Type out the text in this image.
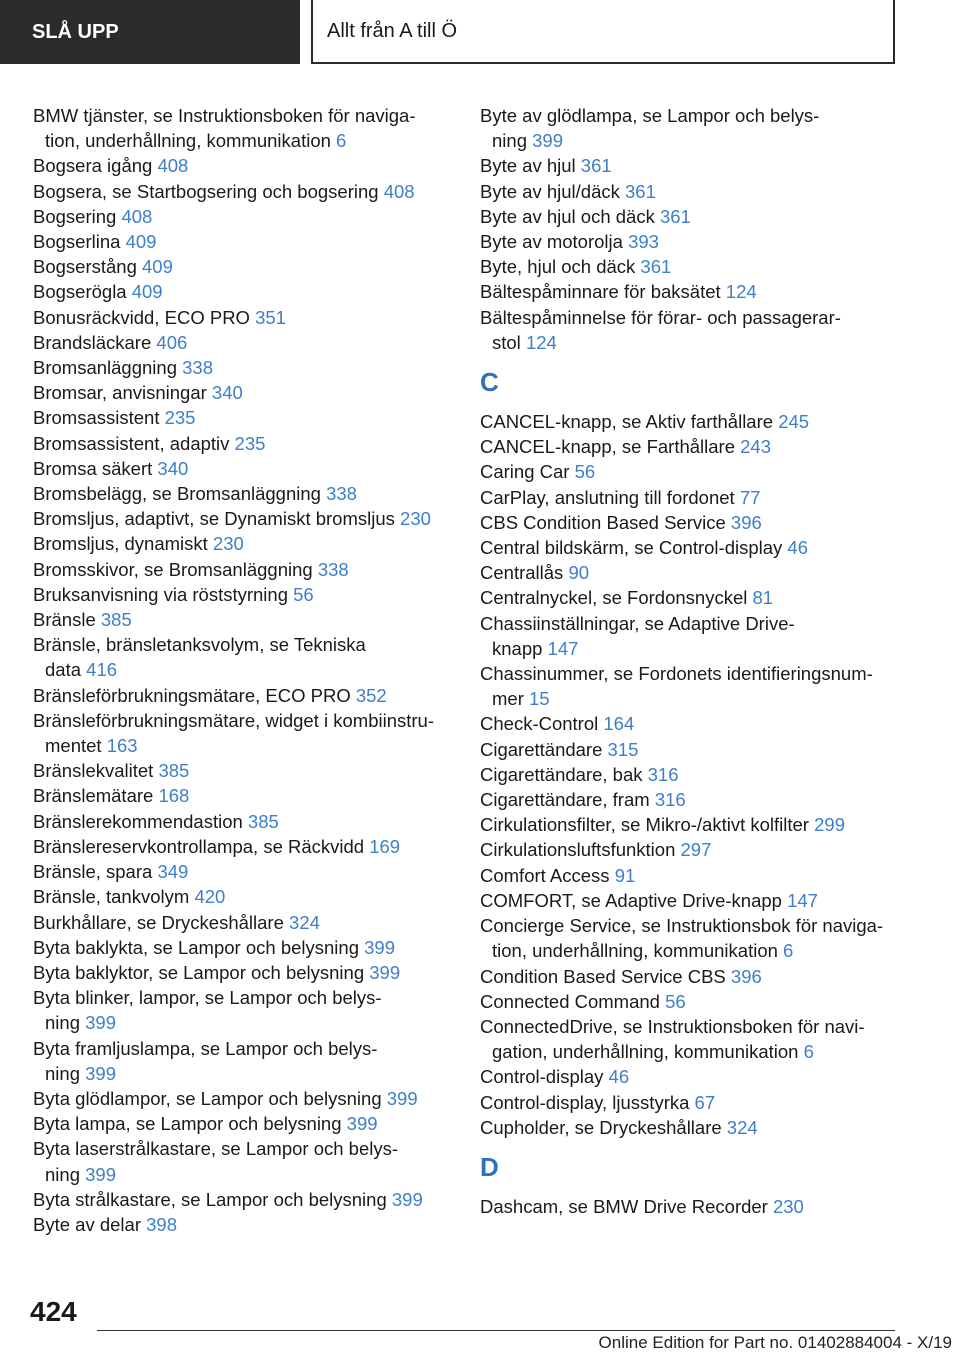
SLÅ UPP	Allt från A till Ö
BMW tjänster, se Instruktionsboken för naviga-
tion, underhållning, kommunikation 6
Bogsera igång 408
Bogsera, se Startbogsering och bogsering 408
Bogsering 408
Bogserlina 409
Bogserstång 409
Bogserögla 409
Bonusräckvidd, ECO PRO 351
Brandsläckare 406
Bromsanläggning 338
Bromsar, anvisningar 340
Bromsassistent 235
Bromsassistent, adaptiv 235
Bromsa säkert 340
Bromsbelägg, se Bromsanläggning 338
Bromsljus, adaptivt, se Dynamiskt bromsljus 230
Bromsljus, dynamiskt 230
Bromsskivor, se Bromsanläggning 338
Bruksanvisning via röststyrning 56
Bränsle 385
Bränsle, bränsletanksvolym, se Tekniska
data 416
Bränsleförbrukningsmätare, ECO PRO 352
Bränsleförbrukningsmätare, widget i kombiinstru-
mentet 163
Bränslekvalitet 385
Bränslemätare 168
Bränslerekommendastion 385
Bränslereservkontrollampa, se Räckvidd 169
Bränsle, spara 349
Bränsle, tankvolym 420
Burkhållare, se Dryckeshållare 324
Byta baklykta, se Lampor och belysning 399
Byta baklyktor, se Lampor och belysning 399
Byta blinker, lampor, se Lampor och belys-
ning 399
Byta framljuslampa, se Lampor och belys-
ning 399
Byta glödlampor, se Lampor och belysning 399
Byta lampa, se Lampor och belysning 399
Byta laserstrålkastare, se Lampor och belys-
ning 399
Byta strålkastare, se Lampor och belysning 399
Byte av delar 398
Byte av glödlampa, se Lampor och belys-
ning 399
Byte av hjul 361
Byte av hjul/däck 361
Byte av hjul och däck 361
Byte av motorolja 393
Byte, hjul och däck 361
Bältespåminnare för baksätet 124
Bältespåminnelse för förar- och passagerar-
stol 124
C
CANCEL-knapp, se Aktiv farthållare 245
CANCEL-knapp, se Farthållare 243
Caring Car 56
CarPlay, anslutning till fordonet 77
CBS Condition Based Service 396
Central bildskärm, se Control-display 46
Centrallås 90
Centralnyckel, se Fordonsnyckel 81
Chassiinställningar, se Adaptive Drive-
knapp 147
Chassinummer, se Fordonets identifieringsnum-
mer 15
Check-Control 164
Cigarettändare 315
Cigarettändare, bak 316
Cigarettändare, fram 316
Cirkulationsfilter, se Mikro-/aktivt kolfilter 299
Cirkulationsluftsfunktion 297
Comfort Access 91
COMFORT, se Adaptive Drive-knapp 147
Concierge Service, se Instruktionsbok för naviga-
tion, underhållning, kommunikation 6
Condition Based Service CBS 396
Connected Command 56
ConnectedDrive, se Instruktionsboken för navi-
gation, underhållning, kommunikation 6
Control-display 46
Control-display, ljusstyrka 67
Cupholder, se Dryckeshållare 324
D
Dashcam, se BMW Drive Recorder 230
424
Online Edition for Part no. 01402884004 - X/19
